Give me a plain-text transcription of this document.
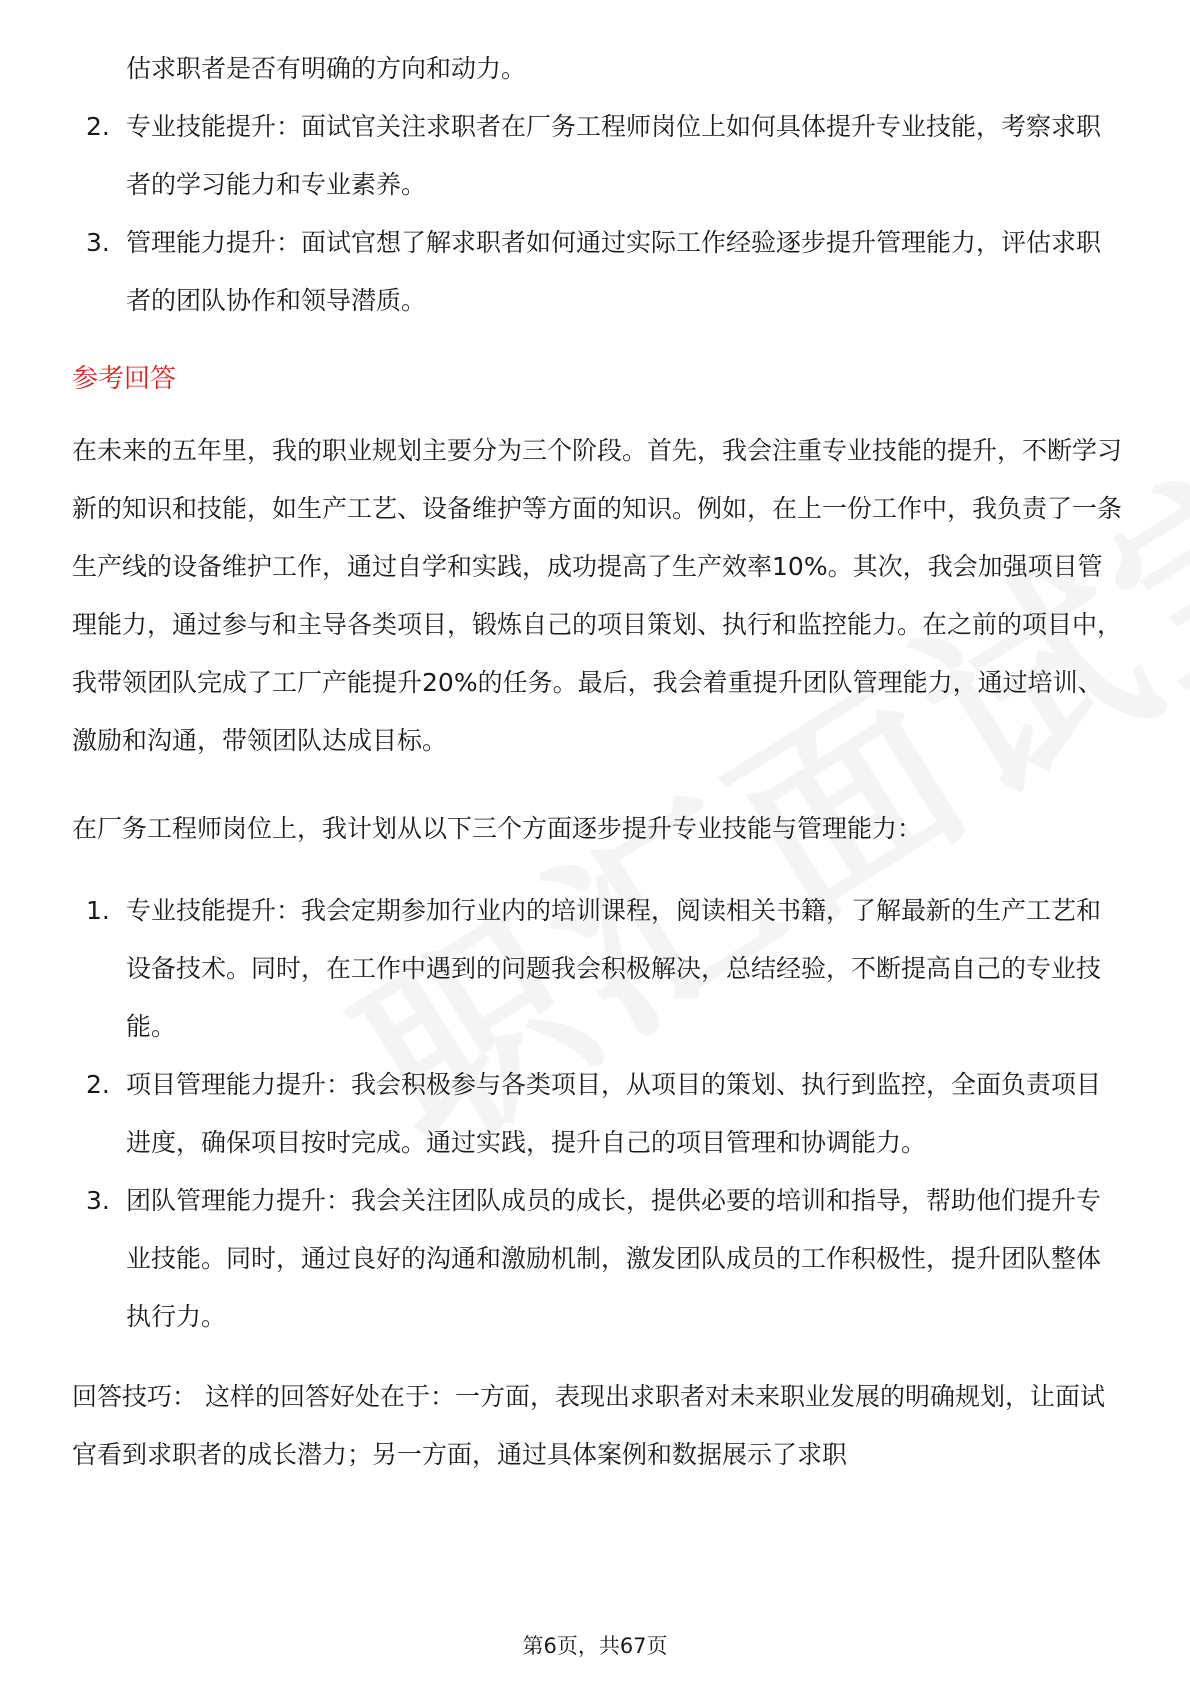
估求职者是否有明确的方向和动力。
2. 专业技能提升：面试官关注求职者在厂务工程师岗位上如何具体提升专业技能，考察求职者的学习能力和专业素养。
3. 管理能力提升：面试官想了解求职者如何通过实际工作经验逐步提升管理能力，评估求职者的团队协作和领导潜质。
参考回答
在未来的五年里，我的职业规划主要分为三个阶段。首先，我会注重专业技能的提升，不断学习新的知识和技能，如生产工艺、设备维护等方面的知识。例如，在上一份工作中，我负责了一条生产线的设备维护工作，通过自学和实践，成功提高了生产效率10%。其次，我会加强项目管理能力，通过参与和主导各类项目，锻炼自己的项目策划、执行和监控能力。在之前的项目中，我带领团队完成了工厂产能提升20%的任务。最后，我会着重提升团队管理能力，通过培训、激励和沟通，带领团队达成目标。
在厂务工程师岗位上，我计划从以下三个方面逐步提升专业技能与管理能力：
1. 专业技能提升：我会定期参加行业内的培训课程，阅读相关书籍，了解最新的生产工艺和设备技术。同时，在工作中遇到的问题我会积极解决，总结经验，不断提高自己的专业技能。
2. 项目管理能力提升：我会积极参与各类项目，从项目的策划、执行到监控，全面负责项目进度，确保项目按时完成。通过实践，提升自己的项目管理和协调能力。
3. 团队管理能力提升：我会关注团队成员的成长，提供必要的培训和指导，帮助他们提升专业技能。同时，通过良好的沟通和激励机制，激发团队成员的工作积极性，提升团队整体执行力。
回答技巧： 这样的回答好处在于：一方面，表现出求职者对未来职业发展的明确规划，让面试官看到求职者的成长潜力；另一方面，通过具体案例和数据展示了求职
第6页，共67页
